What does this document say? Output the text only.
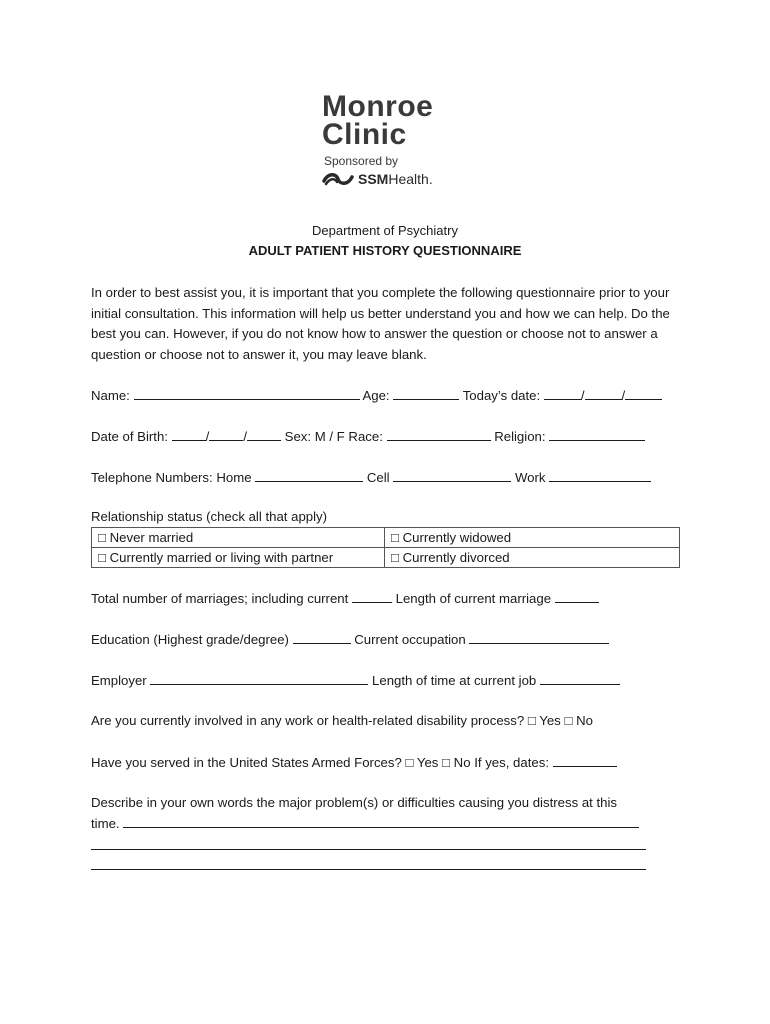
Monroe
Clinic
Sponsored by
SSM Health.
Department of Psychiatry
ADULT PATIENT HISTORY QUESTIONNAIRE
In order to best assist you, it is important that you complete the following questionnaire prior to your initial consultation. This information will help us better understand you and how we can help. Do the best you can. However, if you do not know how to answer the question or choose not to answer a question or choose not to answer it, you may leave blank.
Name:	Age:	Today’s date:	/	/
Date of Birth:	/	/	Sex: M / F Race:	Religion:
Telephone Numbers: Home	Cell	Work
Relationship status (check all that apply)
□ Never married	□ Currently widowed
□ Currently married or living with partner	□ Currently divorced
Total number of marriages; including current	Length of current marriage
Education (Highest grade/degree)	Current occupation
Employer	Length of time at current job
Are you currently involved in any work or health-related disability process? □ Yes □ No
Have you served in the United States Armed Forces? □ Yes □ No If yes, dates:
Describe in your own words the major problem(s) or difficulties causing you distress at this
time.
